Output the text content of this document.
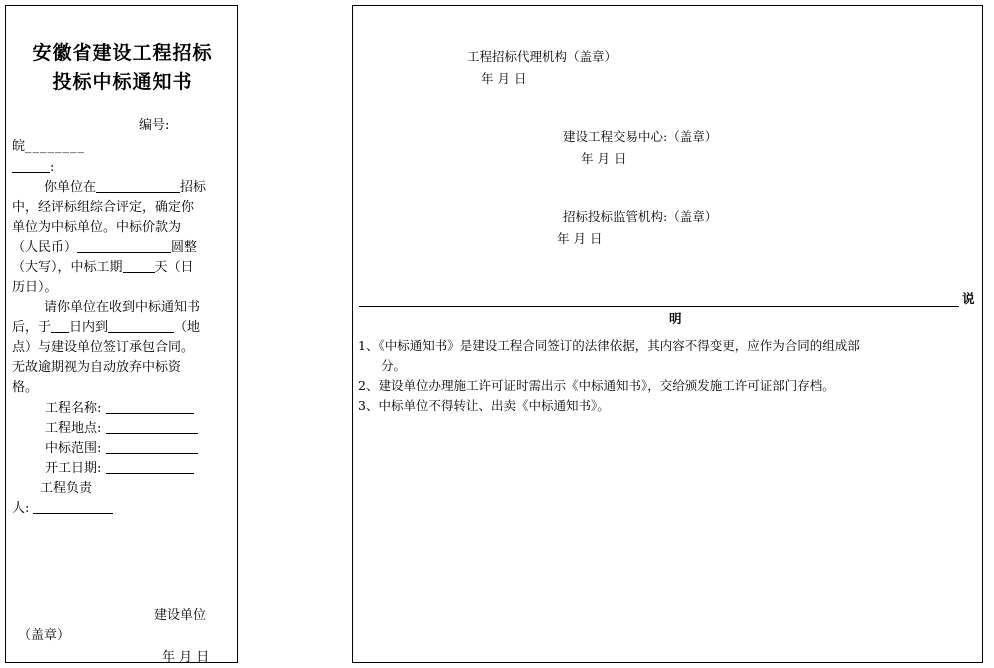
安徽省建设工程招标
投标中标通知书
编号:
皖________
:
你单位在	招标
中，经评标组综合评定，确定你
单位为中标单位。中标价款为
（人民币）	圆整
（大写），中标工期 天（日
历日）。
请你单位在收到中标通知书
后，于 日内到	（地
点）与建设单位签订承包合同。
无故逾期视为自动放弃中标资
格。
工程名称:
工程地点:
中标范围:
开工日期:
工程负责
人:
建设单位
（盖章）
年 月 日
工程招标代理机构（盖章）
年 月 日
建设工程交易中心:（盖章）
年 月 日
招标投标监管机构:（盖章）
年 月 日
说
明
1、《中标通知书》是建设工程合同签订的法律依据，其内容不得变更，应作为合同的组成部
分。
2、建设单位办理施工许可证时需出示《中标通知书》，交给颁发施工许可证部门存档。
3、中标单位不得转让、出卖《中标通知书》。
